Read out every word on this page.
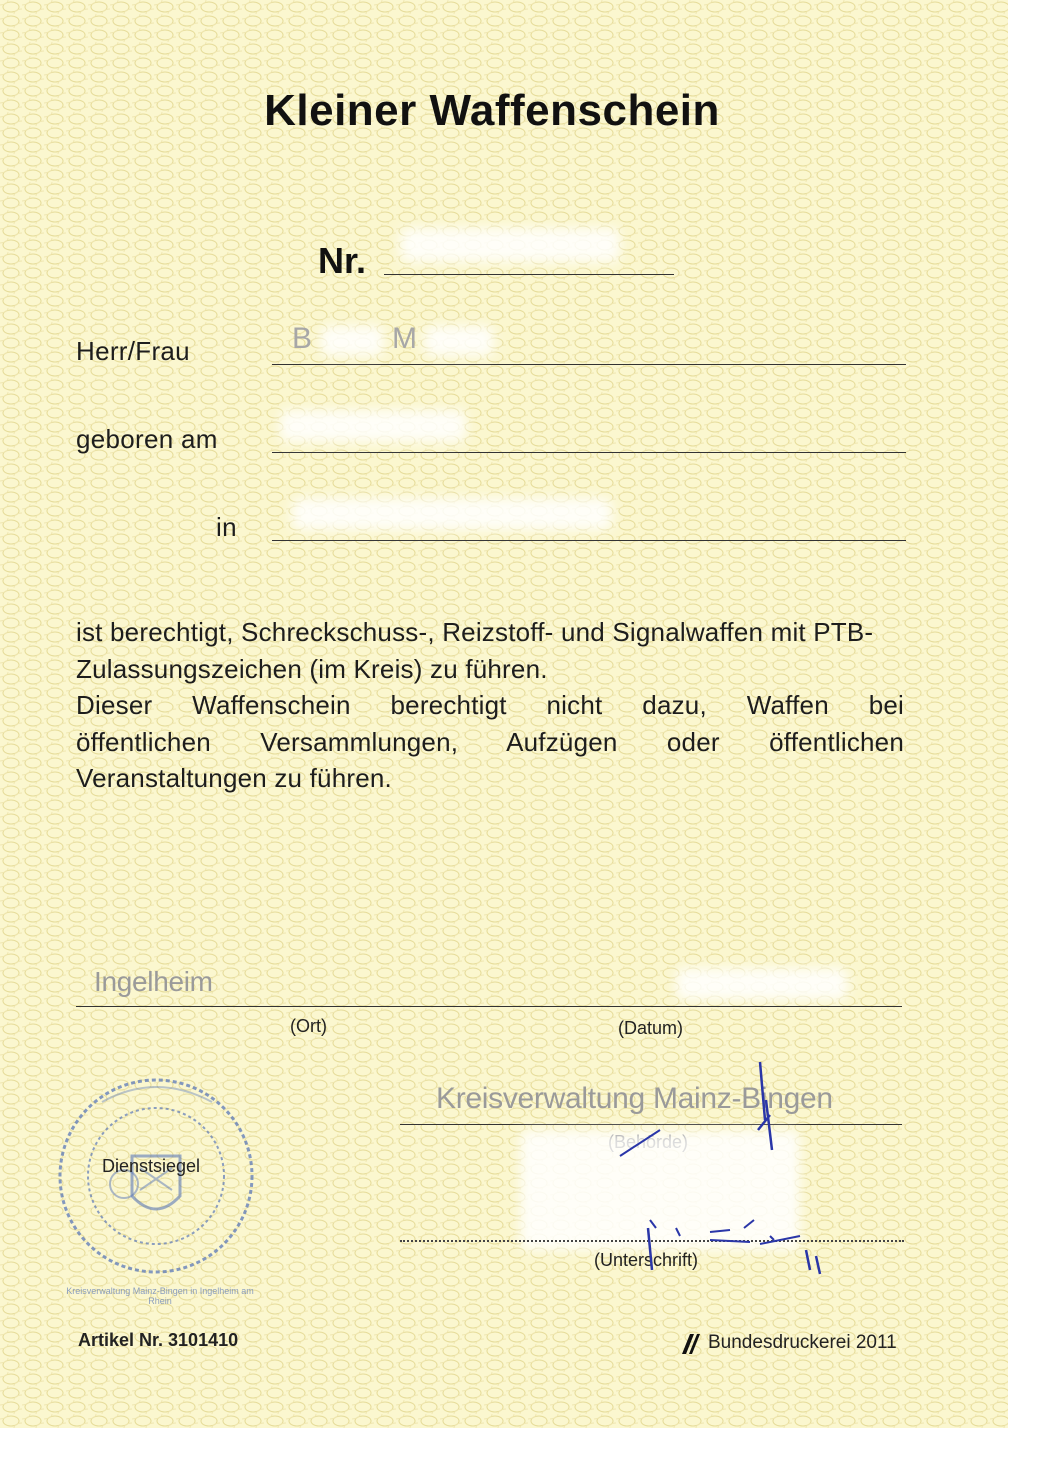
Kleiner Waffenschein
Nr.
Herr/Frau	B	M
geboren am
in

ist berechtigt, Schreckschuss-, Reizstoff- und Signalwaffen mit PTB-Zulassungszeichen (im Kreis) zu führen.

Dieser Waffenschein berechtigt nicht dazu, Waffen bei

öffentlichen Versammlungen, Aufzügen oder öffentlichen

Veranstaltungen zu führen.

Ingelheim
(Ort)	(Datum)
Kreisverwaltung Mainz-Bingen
(Unterschrift)
Kreisverwaltung Mainz-Bingen in Ingelheim am Rhein
Dienstsiegel
Artikel Nr. 3101410	Bundesdruckerei 2011
